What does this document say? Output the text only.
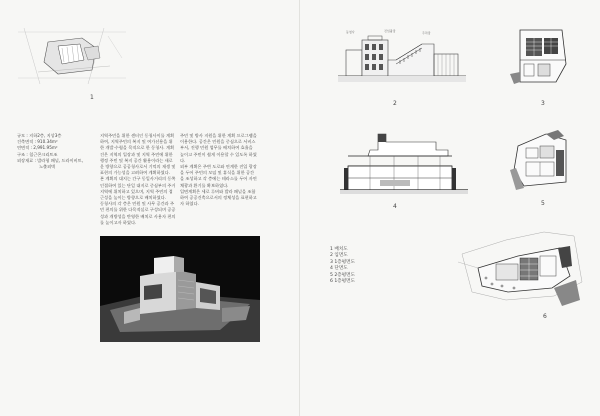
1
규모 : 지하2층, 지상3층
건축면적 : 910.34m²
연면적 : 2,991.95m²
구조 : 철근콘크리트조
외장재료 : 발라형 패널, 드라이비트,
노출외벽
지역주민을 위한 센터인 동청사이를 계획하여, 지역주민의 복지 및 여가선용을 위한 개발·수렴을 목적으로 한 동청사. 계획건은 지역의 입장과 및 지역 주민에 위한 행정 주민 및 복지 공간 활용이라는 새로운 방향으로 공공청사로서 기억의 재생 및 표현의 가능성을 고려하여 계획하였다.
본 계획의 대지는 간구 동일사거리의 동쪽 인접하여 있는 단일 대지로 중심부의 주거지역에 위치하고 있으며, 지역 주민의 접근성을 높이는 방향으로 배치하였다.
동청사의 각 층은 민원 및 사무 공간과 주민 편의를 위한 다목적실로 구성되며 공공성과 개방성을 반영한 배치로 사용자 편의를 높이고자 하였다.
주민 및 방사 지원을 위한 계획 프로그램을 이용한다. 공간은 민원을 중심으로 서비스 부서, 진행 민원 업무를 배치하여 효율을 높이고 주민이 쉽게 이용할 수 있도록 하였다.
외부 계획은 주변 도로와 연계한 진입 광장을 두어 주민의 모임 및 휴식을 위한 공간을 조성하고 각 층에는 테라스를 두어 자연 채광과 환기를 확보하였다.
입면계획은 세로 루버와 발라 패널을 조합하여 공공건축으로서의 정체성을 표현하고자 하였다.
동청사	진입광장	주차장
2	3
4	5
1 배치도
2 입면도
3 1층평면도
4 단면도
5 2층평면도
6 1층평면도
6
